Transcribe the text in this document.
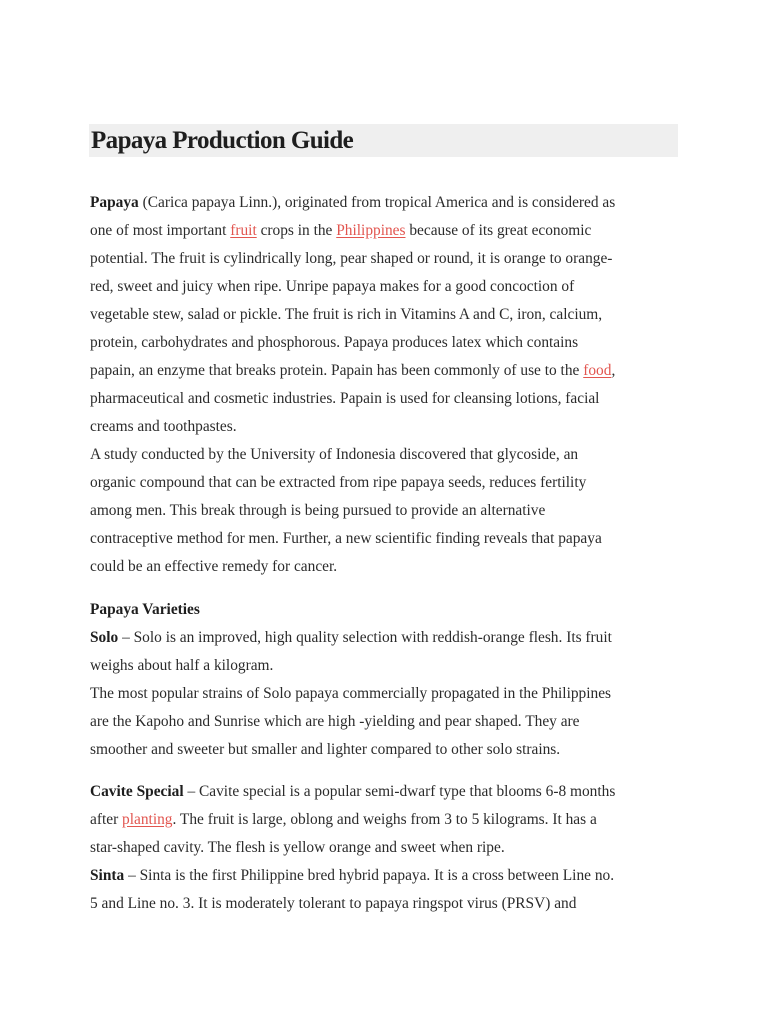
Papaya Production Guide

Papaya (Carica papaya Linn.), originated from tropical America and is considered as

one of most important fruit crops in the Philippines because of its great economic

potential. The fruit is cylindrically long, pear shaped or round, it is orange to orange-

red, sweet and juicy when ripe. Unripe papaya makes for a good concoction of

vegetable stew, salad or pickle. The fruit is rich in Vitamins A and C, iron, calcium,

protein, carbohydrates and phosphorous. Papaya produces latex which contains

papain, an enzyme that breaks protein. Papain has been commonly of use to the food,

pharmaceutical and cosmetic industries. Papain is used for cleansing lotions, facial

creams and toothpastes.

A study conducted by the University of Indonesia discovered that glycoside, an

organic compound that can be extracted from ripe papaya seeds, reduces fertility

among men. This break through is being pursued to provide an alternative

contraceptive method for men. Further, a new scientific finding reveals that papaya

could be an effective remedy for cancer.

Papaya Varieties

Solo – Solo is an improved, high quality selection with reddish-orange flesh. Its fruit

weighs about half a kilogram.

The most popular strains of Solo papaya commercially propagated in the Philippines

are the Kapoho and Sunrise which are high -yielding and pear shaped. They are

smoother and sweeter but smaller and lighter compared to other solo strains.

Cavite Special – Cavite special is a popular semi-dwarf type that blooms 6-8 months

after planting. The fruit is large, oblong and weighs from 3 to 5 kilograms. It has a

star-shaped cavity. The flesh is yellow orange and sweet when ripe.

Sinta – Sinta is the first Philippine bred hybrid papaya. It is a cross between Line no.

5 and Line no. 3. It is moderately tolerant to papaya ringspot virus (PRSV) and
